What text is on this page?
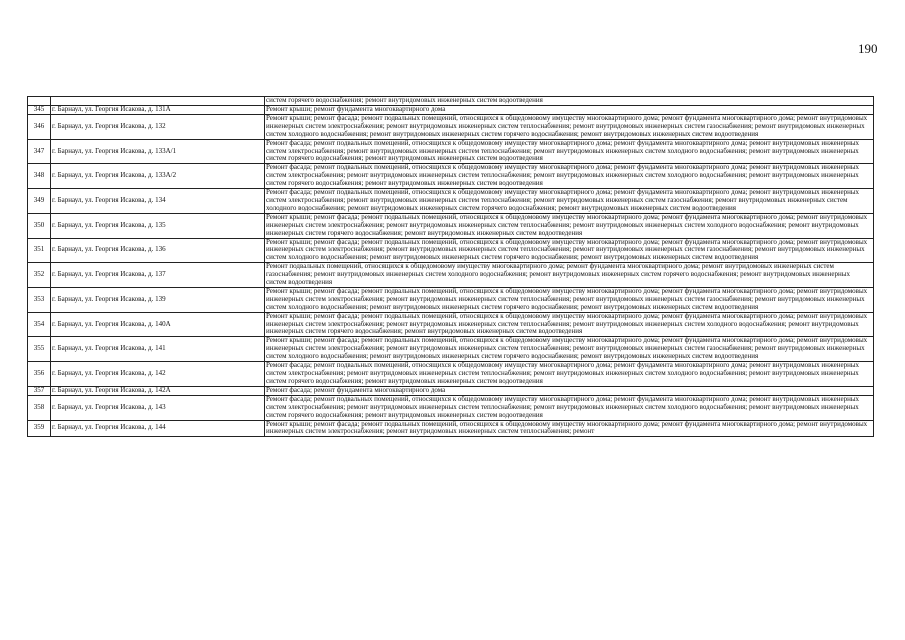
190
		систем горячего водоснабжения; ремонт внутридомовых инженерных систем водоотведения
345	г. Барнаул, ул. Георгия Исакова, д. 131А	Ремонт крыши; ремонт фундамента многоквартирного дома
346	г. Барнаул, ул. Георгия Исакова, д. 132	Ремонт крыши; ремонт фасада; ремонт подвальных помещений, относящихся к общедомовому имуществу многоквартирного дома; ремонт фундамента многоквартирного дома; ремонт внутридомовых инженерных систем электроснабжения; ремонт внутридомовых инженерных систем теплоснабжения; ремонт внутридомовых инженерных систем газоснабжения; ремонт внутридомовых инженерных систем холодного водоснабжения; ремонт внутридомовых инженерных систем горячего водоснабжения; ремонт внутридомовых инженерных систем водоотведения
347	г. Барнаул, ул. Георгия Исакова, д. 133А/1	Ремонт фасада; ремонт подвальных помещений, относящихся к общедомовому имуществу многоквартирного дома; ремонт фундамента многоквартирного дома; ремонт внутридомовых инженерных систем электроснабжения; ремонт внутридомовых инженерных систем теплоснабжения; ремонт внутридомовых инженерных систем холодного водоснабжения; ремонт внутридомовых инженерных систем горячего водоснабжения; ремонт внутридомовых инженерных систем водоотведения
348	г. Барнаул, ул. Георгия Исакова, д. 133А/2	Ремонт фасада; ремонт подвальных помещений, относящихся к общедомовому имуществу многоквартирного дома; ремонт фундамента многоквартирного дома; ремонт внутридомовых инженерных систем электроснабжения; ремонт внутридомовых инженерных систем теплоснабжения; ремонт внутридомовых инженерных систем холодного водоснабжения; ремонт внутридомовых инженерных систем горячего водоснабжения; ремонт внутридомовых инженерных систем водоотведения
349	г. Барнаул, ул. Георгия Исакова, д. 134	Ремонт фасада; ремонт подвальных помещений, относящихся к общедомовому имуществу многоквартирного дома; ремонт фундамента многоквартирного дома; ремонт внутридомовых инженерных систем электроснабжения; ремонт внутридомовых инженерных систем теплоснабжения; ремонт внутридомовых инженерных систем газоснабжения; ремонт внутридомовых инженерных систем холодного водоснабжения; ремонт внутридомовых инженерных систем горячего водоснабжения; ремонт внутридомовых инженерных систем водоотведения
350	г. Барнаул, ул. Георгия Исакова, д. 135	Ремонт крыши; ремонт фасада; ремонт подвальных помещений, относящихся к общедомовому имуществу многоквартирного дома; ремонт фундамента многоквартирного дома; ремонт внутридомовых инженерных систем электроснабжения; ремонт внутридомовых инженерных систем теплоснабжения; ремонт внутридомовых инженерных систем холодного водоснабжения; ремонт внутридомовых инженерных систем горячего водоснабжения; ремонт внутридомовых инженерных систем водоотведения
351	г. Барнаул, ул. Георгия Исакова, д. 136	Ремонт крыши; ремонт фасада; ремонт подвальных помещений, относящихся к общедомовому имуществу многоквартирного дома; ремонт фундамента многоквартирного дома; ремонт внутридомовых инженерных систем электроснабжения; ремонт внутридомовых инженерных систем теплоснабжения; ремонт внутридомовых инженерных систем газоснабжения; ремонт внутридомовых инженерных систем холодного водоснабжения; ремонт внутридомовых инженерных систем горячего водоснабжения; ремонт внутридомовых инженерных систем водоотведения
352	г. Барнаул, ул. Георгия Исакова, д. 137	Ремонт подвальных помещений, относящихся к общедомовому имуществу многоквартирного дома; ремонт фундамента многоквартирного дома; ремонт внутридомовых инженерных систем газоснабжения; ремонт внутридомовых инженерных систем холодного водоснабжения; ремонт внутридомовых инженерных систем горячего водоснабжения; ремонт внутридомовых инженерных систем водоотведения
353	г. Барнаул, ул. Георгия Исакова, д. 139	Ремонт крыши; ремонт фасада; ремонт подвальных помещений, относящихся к общедомовому имуществу многоквартирного дома; ремонт фундамента многоквартирного дома; ремонт внутридомовых инженерных систем электроснабжения; ремонт внутридомовых инженерных систем теплоснабжения; ремонт внутридомовых инженерных систем газоснабжения; ремонт внутридомовых инженерных систем холодного водоснабжения; ремонт внутридомовых инженерных систем горячего водоснабжения; ремонт внутридомовых инженерных систем водоотведения
354	г. Барнаул, ул. Георгия Исакова, д. 140А	Ремонт крыши; ремонт фасада; ремонт подвальных помещений, относящихся к общедомовому имуществу многоквартирного дома; ремонт фундамента многоквартирного дома; ремонт внутридомовых инженерных систем электроснабжения; ремонт внутридомовых инженерных систем теплоснабжения; ремонт внутридомовых инженерных систем холодного водоснабжения; ремонт внутридомовых инженерных систем горячего водоснабжения; ремонт внутридомовых инженерных систем водоотведения
355	г. Барнаул, ул. Георгия Исакова, д. 141	Ремонт крыши; ремонт фасада; ремонт подвальных помещений, относящихся к общедомовому имуществу многоквартирного дома; ремонт фундамента многоквартирного дома; ремонт внутридомовых инженерных систем электроснабжения; ремонт внутридомовых инженерных систем теплоснабжения; ремонт внутридомовых инженерных систем газоснабжения; ремонт внутридомовых инженерных систем холодного водоснабжения; ремонт внутридомовых инженерных систем горячего водоснабжения; ремонт внутридомовых инженерных систем водоотведения
356	г. Барнаул, ул. Георгия Исакова, д. 142	Ремонт фасада; ремонт подвальных помещений, относящихся к общедомовому имуществу многоквартирного дома; ремонт фундамента многоквартирного дома; ремонт внутридомовых инженерных систем электроснабжения; ремонт внутридомовых инженерных систем теплоснабжения; ремонт внутридомовых инженерных систем холодного водоснабжения; ремонт внутридомовых инженерных систем горячего водоснабжения; ремонт внутридомовых инженерных систем водоотведения
357	г. Барнаул, ул. Георгия Исакова, д. 142А	Ремонт фасада; ремонт фундамента многоквартирного дома
358	г. Барнаул, ул. Георгия Исакова, д. 143	Ремонт фасада; ремонт подвальных помещений, относящихся к общедомовому имуществу многоквартирного дома; ремонт фундамента многоквартирного дома; ремонт внутридомовых инженерных систем электроснабжения; ремонт внутридомовых инженерных систем теплоснабжения; ремонт внутридомовых инженерных систем холодного водоснабжения; ремонт внутридомовых инженерных систем горячего водоснабжения; ремонт внутридомовых инженерных систем водоотведения
359	г. Барнаул, ул. Георгия Исакова, д. 144	Ремонт крыши; ремонт фасада; ремонт подвальных помещений, относящихся к общедомовому имуществу многоквартирного дома; ремонт фундамента многоквартирного дома; ремонт внутридомовых инженерных систем электроснабжения; ремонт внутридомовых инженерных систем теплоснабжения; ремонт
